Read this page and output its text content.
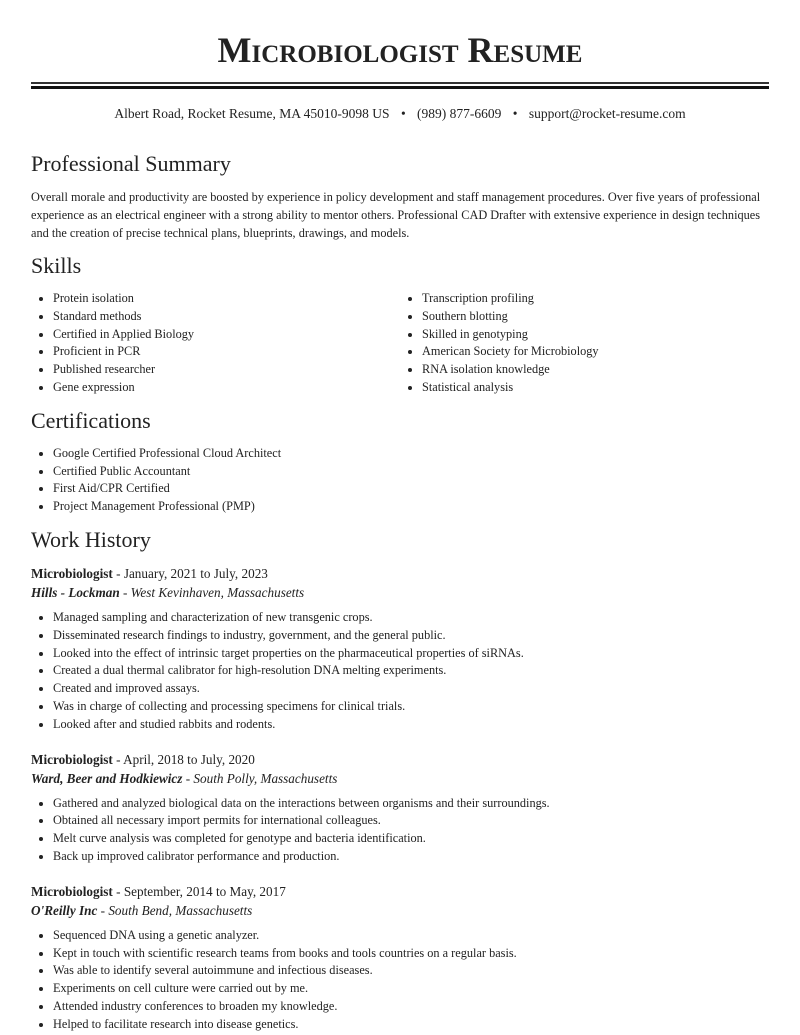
Microbiologist Resume
Albert Road, Rocket Resume, MA 45010-9098 US • (989) 877-6609 • support@rocket-resume.com
Professional Summary

Overall morale and productivity are boosted by experience in policy development and staff management procedures. Over five years of professional experience as an electrical engineer with a strong ability to mentor others. Professional CAD Drafter with extensive experience in design techniques and the creation of precise technical plans, blueprints, drawings, and models.

Skills
• Protein isolation
• Standard methods
• Certified in Applied Biology
• Proficient in PCR
• Published researcher
• Gene expression
• Transcription profiling
• Southern blotting
• Skilled in genotyping
• American Society for Microbiology
• RNA isolation knowledge
• Statistical analysis
Certifications
• Google Certified Professional Cloud Architect
• Certified Public Accountant
• First Aid/CPR Certified
• Project Management Professional (PMP)
Work History
Microbiologist - January, 2021 to July, 2023
Hills - Lockman - West Kevinhaven, Massachusetts
• Managed sampling and characterization of new transgenic crops.
• Disseminated research findings to industry, government, and the general public.
• Looked into the effect of intrinsic target properties on the pharmaceutical properties of siRNAs.
• Created a dual thermal calibrator for high-resolution DNA melting experiments.
• Created and improved assays.
• Was in charge of collecting and processing specimens for clinical trials.
• Looked after and studied rabbits and rodents.
Microbiologist - April, 2018 to July, 2020
Ward, Beer and Hodkiewicz - South Polly, Massachusetts
• Gathered and analyzed biological data on the interactions between organisms and their surroundings.
• Obtained all necessary import permits for international colleagues.
• Melt curve analysis was completed for genotype and bacteria identification.
• Back up improved calibrator performance and production.
Microbiologist - September, 2014 to May, 2017
O'Reilly Inc - South Bend, Massachusetts
• Sequenced DNA using a genetic analyzer.
• Kept in touch with scientific research teams from books and tools countries on a regular basis.
• Was able to identify several autoimmune and infectious diseases.
• Experiments on cell culture were carried out by me.
• Attended industry conferences to broaden my knowledge.
• Helped to facilitate research into disease genetics.
